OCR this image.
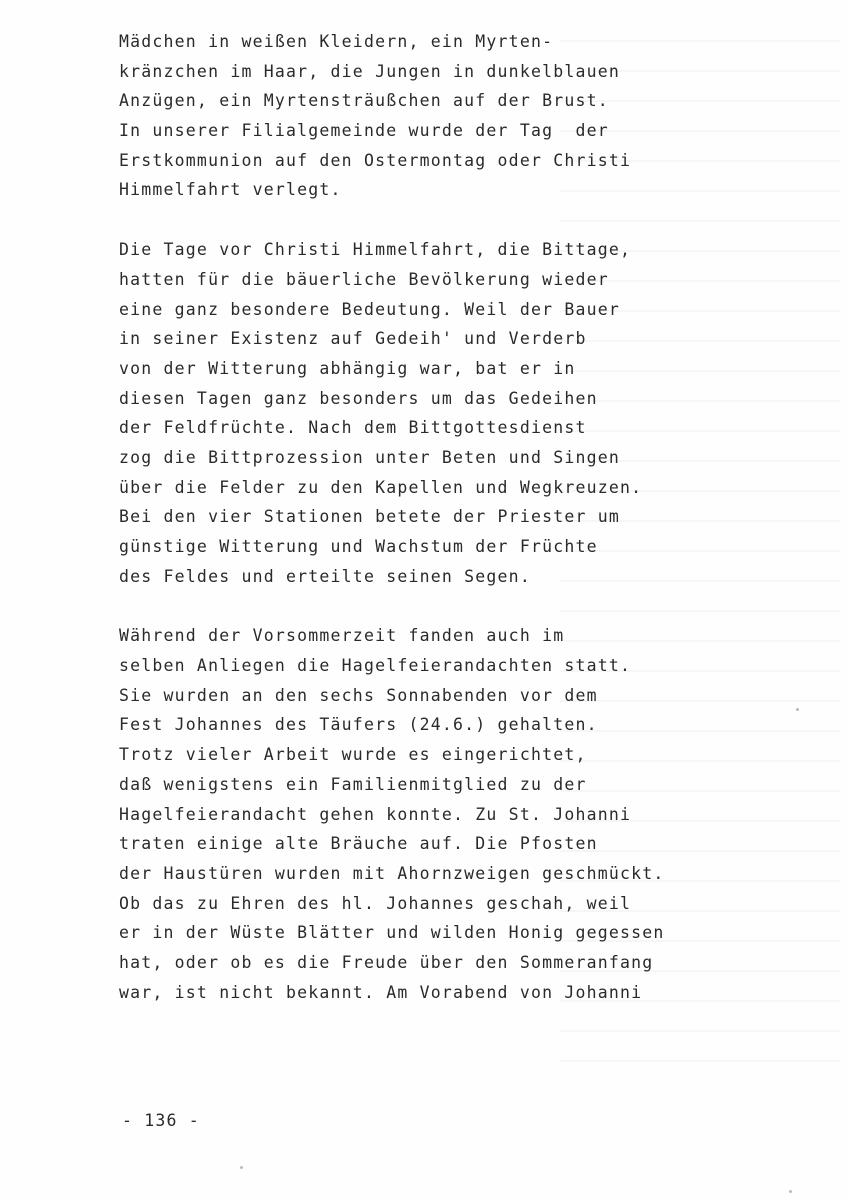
Mädchen in weißen Kleidern, ein Myrten-
kränzchen im Haar, die Jungen in dunkelblauen
Anzügen, ein Myrtensträußchen auf der Brust.
In unserer Filialgemeinde wurde der Tag  der
Erstkommunion auf den Ostermontag oder Christi
Himmelfahrt verlegt.
Die Tage vor Christi Himmelfahrt, die Bittage,
hatten für die bäuerliche Bevölkerung wieder
eine ganz besondere Bedeutung. Weil der Bauer
in seiner Existenz auf Gedeih' und Verderb
von der Witterung abhängig war, bat er in
diesen Tagen ganz besonders um das Gedeihen
der Feldfrüchte. Nach dem Bittgottesdienst
zog die Bittprozession unter Beten und Singen
über die Felder zu den Kapellen und Wegkreuzen.
Bei den vier Stationen betete der Priester um
günstige Witterung und Wachstum der Früchte
des Feldes und erteilte seinen Segen.
Während der Vorsommerzeit fanden auch im
selben Anliegen die Hagelfeierandachten statt.
Sie wurden an den sechs Sonnabenden vor dem
Fest Johannes des Täufers (24.6.) gehalten.
Trotz vieler Arbeit wurde es eingerichtet,
daß wenigstens ein Familienmitglied zu der
Hagelfeierandacht gehen konnte. Zu St. Johanni
traten einige alte Bräuche auf. Die Pfosten
der Haustüren wurden mit Ahornzweigen geschmückt.
Ob das zu Ehren des hl. Johannes geschah, weil
er in der Wüste Blätter und wilden Honig gegessen
hat, oder ob es die Freude über den Sommeranfang
war, ist nicht bekannt. Am Vorabend von Johanni
- 136 -
